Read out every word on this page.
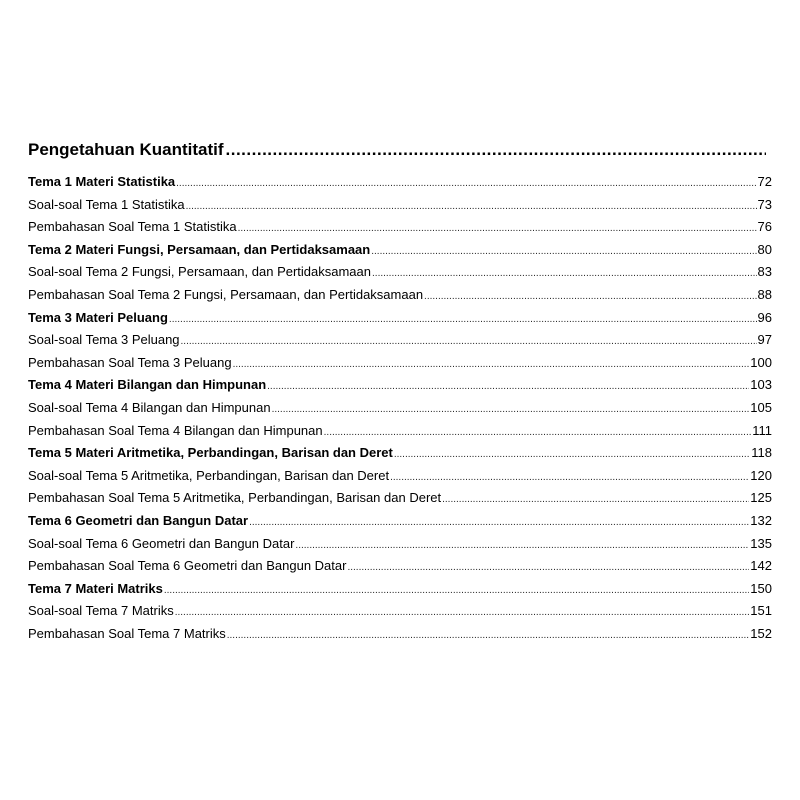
Pengetahuan Kuantitatif
.....
Tema 1 Materi Statistika .....	72
Soal-soal Tema 1 Statistika .....	73
Pembahasan Soal Tema 1 Statistika .....	76
Tema 2 Materi Fungsi, Persamaan, dan Pertidaksamaan .....	80
Soal-soal Tema 2 Fungsi, Persamaan, dan Pertidaksamaan .....	83
Pembahasan Soal Tema 2 Fungsi, Persamaan, dan Pertidaksamaan .....	88
Tema 3 Materi Peluang .....	96
Soal-soal Tema 3 Peluang .....	97
Pembahasan Soal Tema 3 Peluang .....	100
Tema 4 Materi Bilangan dan Himpunan .....	103
Soal-soal Tema 4 Bilangan dan Himpunan .....	105
Pembahasan Soal Tema 4 Bilangan dan Himpunan .....	111
Tema 5 Materi Aritmetika, Perbandingan, Barisan dan Deret .....	118
Soal-soal Tema 5 Aritmetika, Perbandingan, Barisan dan Deret .....	120
Pembahasan Soal Tema 5 Aritmetika, Perbandingan, Barisan dan Deret .....	125
Tema 6 Geometri dan Bangun Datar .....	132
Soal-soal Tema 6 Geometri dan Bangun Datar .....	135
Pembahasan Soal Tema 6 Geometri dan Bangun Datar .....	142
Tema 7 Materi Matriks .....	150
Soal-soal Tema 7 Matriks .....	151
Pembahasan Soal Tema 7 Matriks .....	152
